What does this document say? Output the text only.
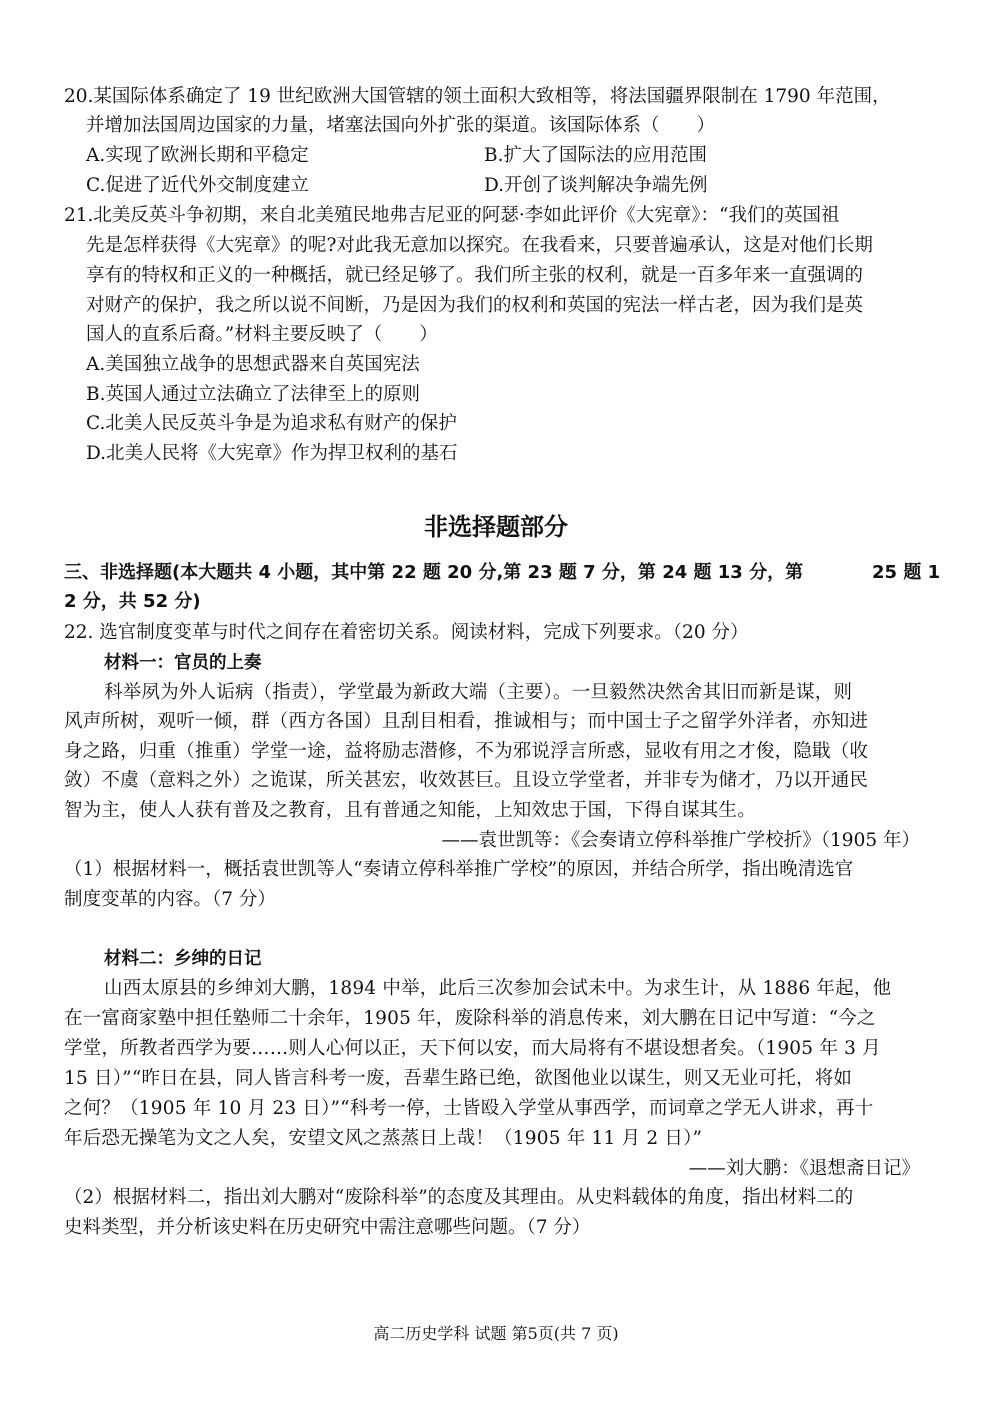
20.某国际体系确定了 19 世纪欧洲大国管辖的领土面积大致相等，将法国疆界限制在 1790 年范围，
并增加法国周边国家的力量，堵塞法国向外扩张的渠道。该国际体系（　　）
A.实现了欧洲长期和平稳定	B.扩大了国际法的应用范围
C.促进了近代外交制度建立	D.开创了谈判解决争端先例
21.北美反英斗争初期，来自北美殖民地弗吉尼亚的阿瑟·李如此评价《大宪章》：“我们的英国祖
先是怎样获得《大宪章》的呢?对此我无意加以探究。在我看来，只要普遍承认，这是对他们长期
享有的特权和正义的一种概括，就已经足够了。我们所主张的权利，就是一百多年来一直强调的
对财产的保护，我之所以说不间断，乃是因为我们的权利和英国的宪法一样古老，因为我们是英
国人的直系后裔。”材料主要反映了（　　）
A.美国独立战争的思想武器来自英国宪法
B.英国人通过立法确立了法律至上的原则
C.北美人民反英斗争是为追求私有财产的保护
D.北美人民将《大宪章》作为捍卫权利的基石
非选择题部分
三、非选择题(本大题共 4 小题，其中第 22 题 20 分,第 23 题 7 分，第 24 题 13 分，第	25 题 1
2 分，共 52 分)
22. 选官制度变革与时代之间存在着密切关系。阅读材料，完成下列要求。（20 分）
材料一：官员的上奏
科举夙为外人诟病（指责），学堂最为新政大端（主要）。一旦毅然决然舍其旧而新是谋，则
风声所树，观听一倾，群（西方各国）且刮目相看，推诚相与；而中国士子之留学外洋者，亦知进
身之路，归重（推重）学堂一途，益将励志潜修，不为邪说浮言所惑，显收有用之才俊，隐戢（收
敛）不虞（意料之外）之诡谋，所关甚宏，收效甚巨。且设立学堂者，并非专为储才，乃以开通民
智为主，使人人获有普及之教育，且有普通之知能，上知效忠于国，下得自谋其生。
——袁世凯等：《会奏请立停科举推广学校折》（1905 年）
（1）根据材料一，概括袁世凯等人“奏请立停科举推广学校”的原因，并结合所学，指出晚清选官
制度变革的内容。（7 分）
材料二：乡绅的日记
山西太原县的乡绅刘大鹏，1894 中举，此后三次参加会试未中。为求生计，从 1886 年起，他
在一富商家塾中担任塾师二十余年，1905 年，废除科举的消息传来，刘大鹏在日记中写道：“今之
学堂，所教者西学为要……则人心何以正，天下何以安，而大局将有不堪设想者矣。（1905 年 3 月
15 日）”“昨日在县，同人皆言科考一废，吾辈生路已绝，欲图他业以谋生，则又无业可托，将如
之何？（1905 年 10 月 23 日）”“科考一停，士皆殴入学堂从事西学，而词章之学无人讲求，再十
年后恐无操笔为文之人矣，安望文风之蒸蒸日上哉！（1905 年 11 月 2 日）”
——刘大鹏：《退想斋日记》
（2）根据材料二，指出刘大鹏对“废除科举”的态度及其理由。从史料载体的角度，指出材料二的
史料类型，并分析该史料在历史研究中需注意哪些问题。（7 分）
高二历史学科 试题 第5页(共 7 页)
